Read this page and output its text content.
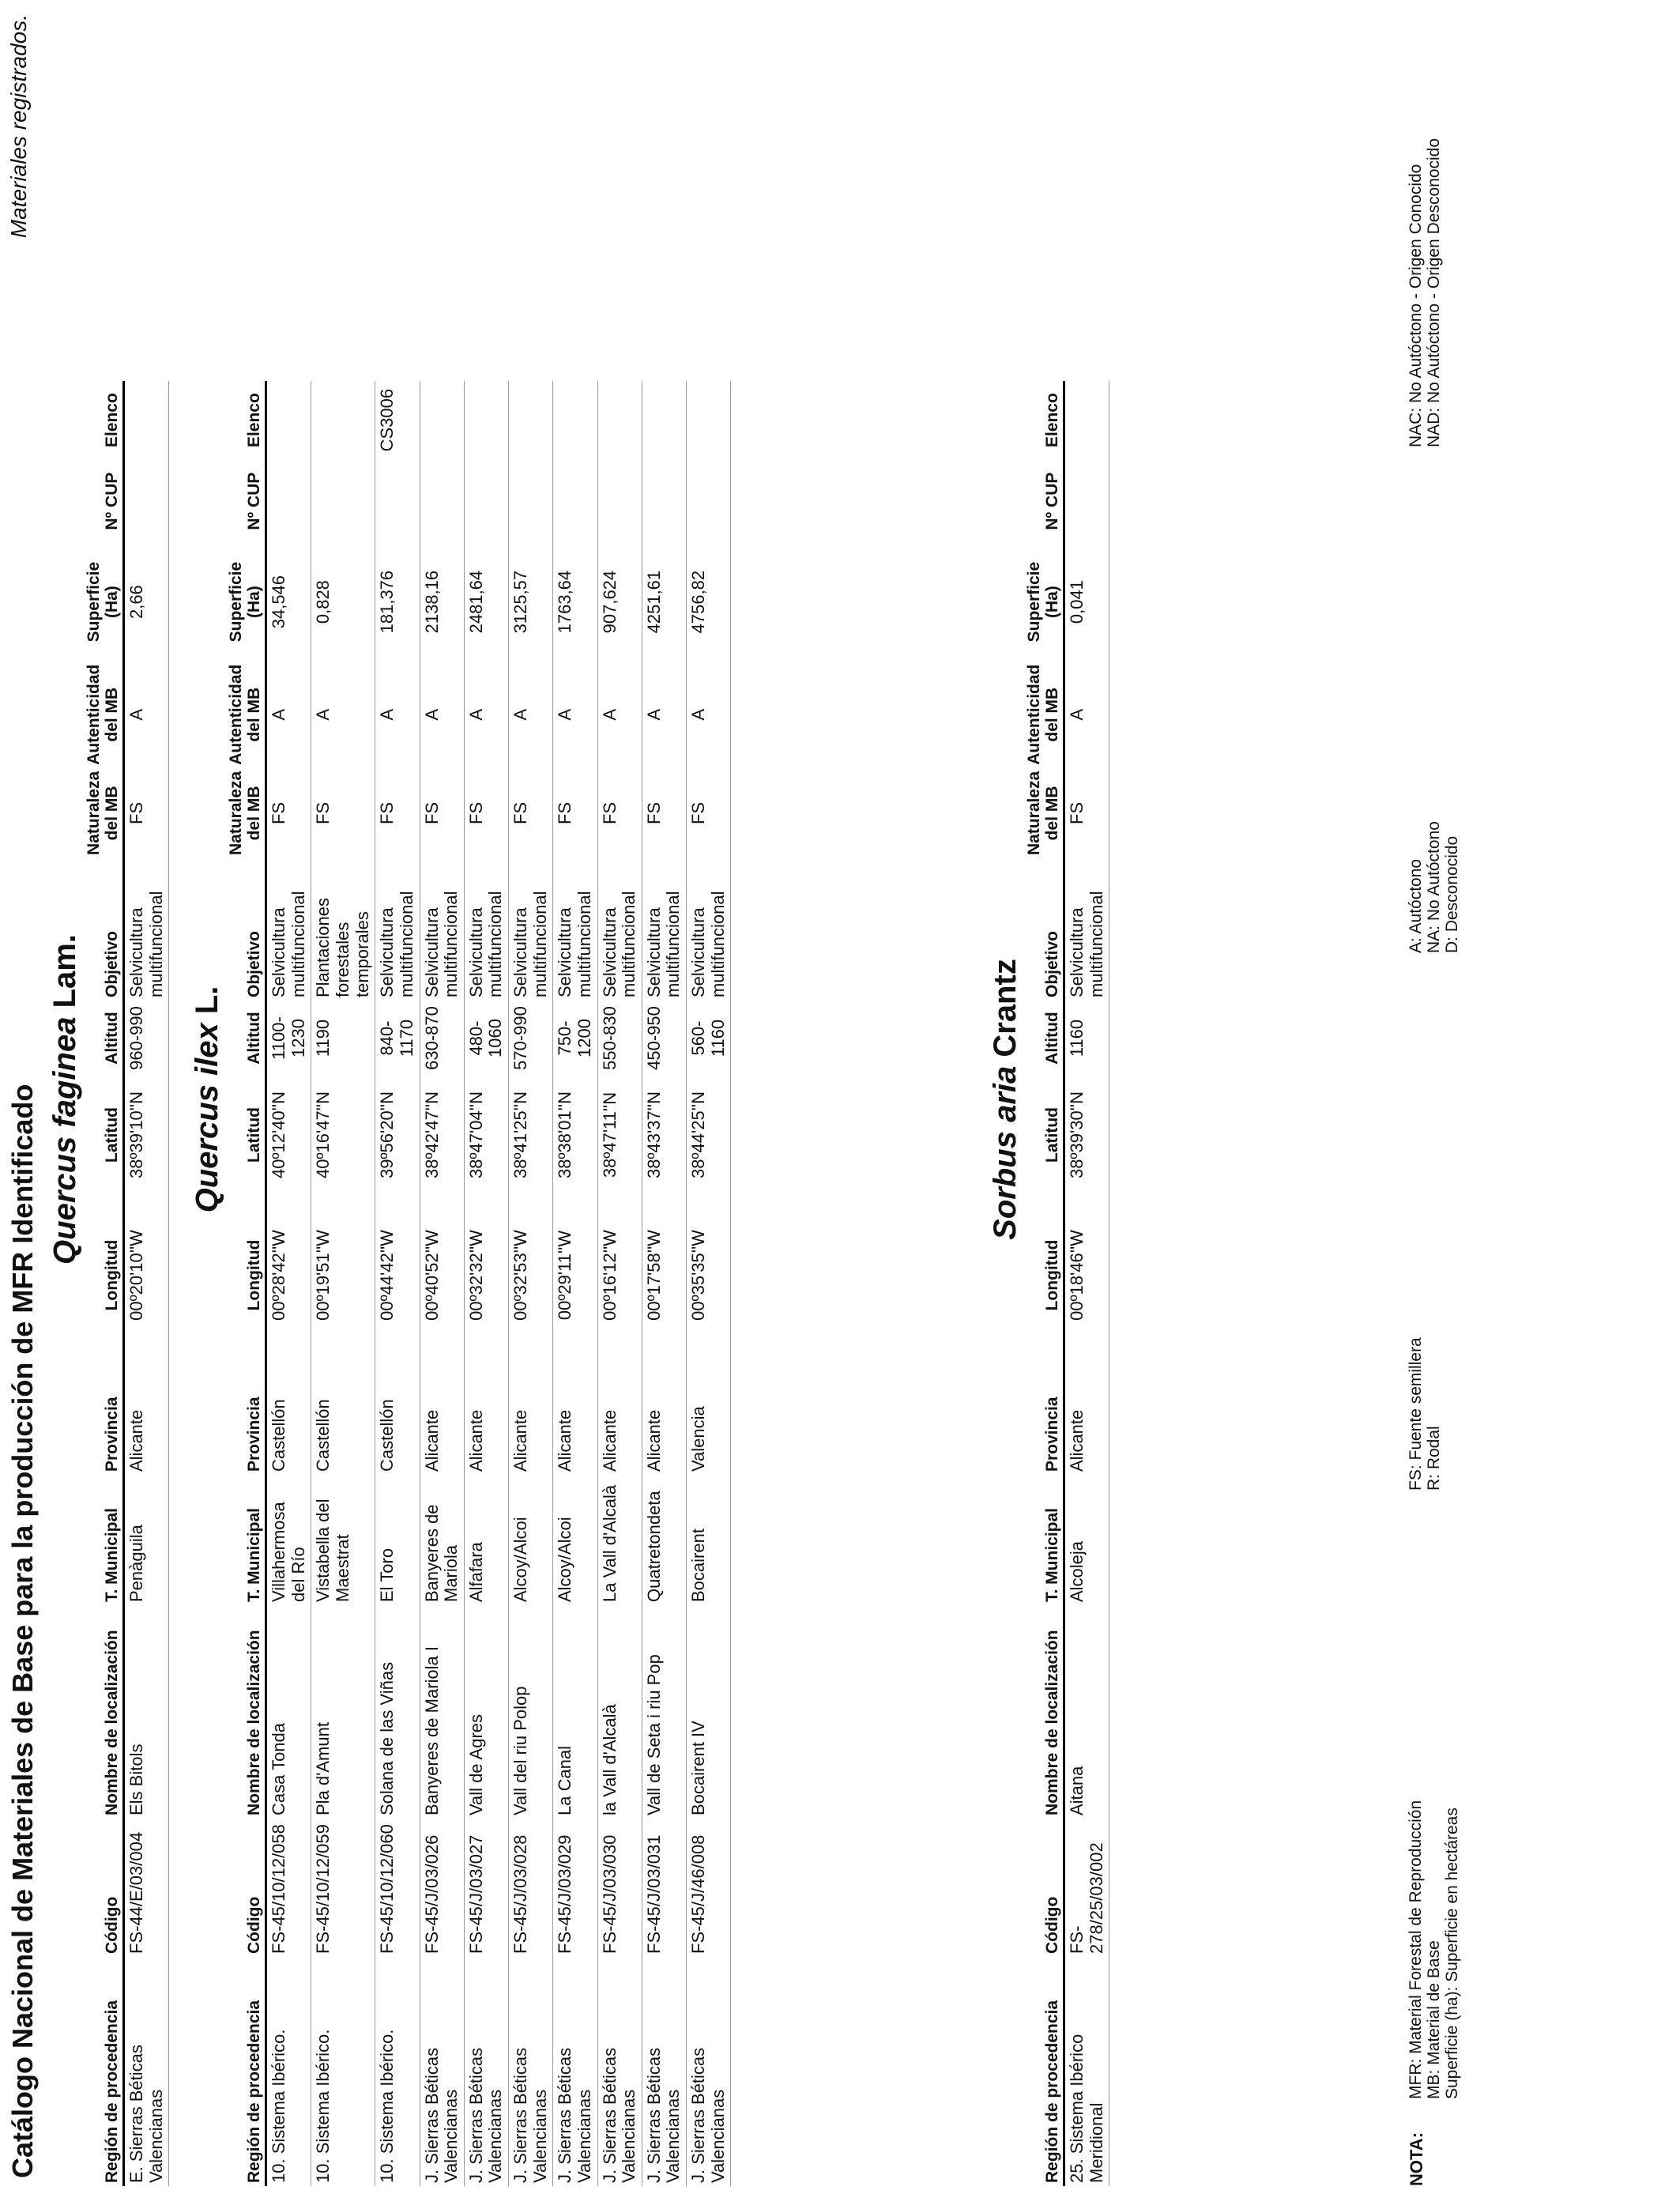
Catálogo Nacional de Materiales de Base para la producción de MFR Identificado
Materiales registrados.
Quercus faginea Lam.
Región de procedencia	Código	Nombre de localización	T. Municipal	Provincia	Longitud	Latitud	Altitud	Objetivo	Naturaleza del MB	Autenticidad del MB	Superficie (Ha)	Nº CUP	Elenco
E. Sierras Béticas Valencianas	FS-44/E/03/004	Els Bitols	Penàguila	Alicante	00º20'10''W	38º39'10''N	960-990	Selvicultura multifuncional	FS	A	2,66		
Quercus ilex L.
Región de procedencia	Código	Nombre de localización	T. Municipal	Provincia	Longitud	Latitud	Altitud	Objetivo	Naturaleza del MB	Autenticidad del MB	Superficie (Ha)	Nº CUP	Elenco
10. Sistema Ibérico.	FS-45/10/12/058	Casa Tonda	Villahermosa del Río	Castellón	00º28'42''W	40º12'40''N	1100-1230	Selvicultura multifuncional	FS	A	34,546		
10. Sistema Ibérico.	FS-45/10/12/059	Pla d'Amunt	Vistabella del Maestrat	Castellón	00º19'51''W	40º16'47''N	1190	Plantaciones forestales temporales	FS	A	0,828		
10. Sistema Ibérico.	FS-45/10/12/060	Solana de las Viñas	El Toro	Castellón	00º44'42''W	39º56'20''N	840-1170	Selvicultura multifuncional	FS	A	181,376		CS3006
J. Sierras Béticas Valencianas	FS-45/J/03/026	Banyeres de Mariola I	Banyeres de Mariola	Alicante	00º40'52''W	38º42'47''N	630-870	Selvicultura multifuncional	FS	A	2138,16		
J. Sierras Béticas Valencianas	FS-45/J/03/027	Vall de Agres	Alfafara	Alicante	00º32'32''W	38º47'04''N	480-1060	Selvicultura multifuncional	FS	A	2481,64		
J. Sierras Béticas Valencianas	FS-45/J/03/028	Vall del riu Polop	Alcoy/Alcoi	Alicante	00º32'53''W	38º41'25''N	570-990	Selvicultura multifuncional	FS	A	3125,57		
J. Sierras Béticas Valencianas	FS-45/J/03/029	La Canal	Alcoy/Alcoi	Alicante	00º29'11''W	38º38'01''N	750-1200	Selvicultura multifuncional	FS	A	1763,64		
J. Sierras Béticas Valencianas	FS-45/J/03/030	la Vall d'Alcalà	La Vall d'Alcalà	Alicante	00º16'12''W	38º47'11''N	550-830	Selvicultura multifuncional	FS	A	907,624		
J. Sierras Béticas Valencianas	FS-45/J/03/031	Vall de Seta i riu Pop	Quatretondeta	Alicante	00º17'58''W	38º43'37''N	450-950	Selvicultura multifuncional	FS	A	4251,61		
J. Sierras Béticas Valencianas	FS-45/J/46/008	Bocairent IV	Bocairent	Valencia	00º35'35''W	38º44'25''N	560-1160	Selvicultura multifuncional	FS	A	4756,82		
Sorbus aria Crantz
Región de procedencia	Código	Nombre de localización	T. Municipal	Provincia	Longitud	Latitud	Altitud	Objetivo	Naturaleza del MB	Autenticidad del MB	Superficie (Ha)	Nº CUP	Elenco
25. Sistema Ibérico Meridional	FS-278/25/03/002	Aitana	Alcoleja	Alicante	00º18'46''W	38º39'30''N	1160	Selvicultura multifuncional	FS	A	0,041		
NOTA:
MFR: Material Forestal de Reproducción MB: Material de Base Superficie (ha): Superficie en hectáreas
FS: Fuente semillera R: Rodal
A: Autóctono NA: No Autóctono D: Desconocido
NAC: No Autóctono - Origen Conocido NAD: No Autóctono - Origen Desconocido
